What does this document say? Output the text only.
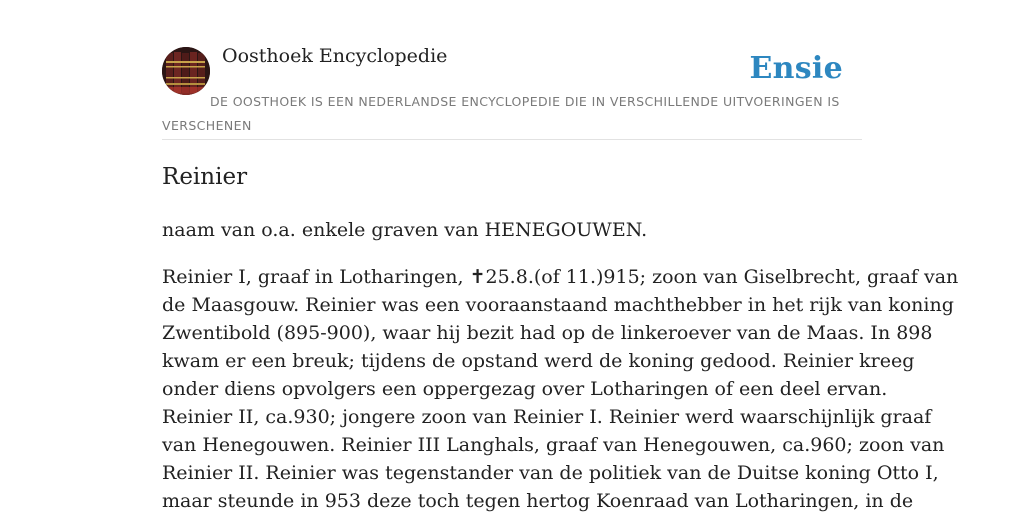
Oosthoek Encyclopedie	Ensie
DE OOSTHOEK IS EEN NEDERLANDSE ENCYCLOPEDIE DIE IN VERSCHILLENDE UITVOERINGEN IS VERSCHENEN
Reinier

naam van o.a. enkele graven van HENEGOUWEN.

Reinier I, graaf in Lotharingen, ✝25.8.(of 11.)915; zoon van Giselbrecht, graaf van
de Maasgouw. Reinier was een vooraanstaand machthebber in het rijk van koning
Zwentibold (895-900), waar hij bezit had op de linkeroever van de Maas. In 898
kwam er een breuk; tijdens de opstand werd de koning gedood. Reinier kreeg
onder diens opvolgers een oppergezag over Lotharingen of een deel ervan.
Reinier II, ca.930; jongere zoon van Reinier I. Reinier werd waarschijnlijk graaf
van Henegouwen. Reinier III Langhals, graaf van Henegouwen, ca.960; zoon van
Reinier II. Reinier was tegenstander van de politiek van de Duitse koning Otto I,
maar steunde in 953 deze toch tegen hertog Koenraad van Lotharingen, in de
